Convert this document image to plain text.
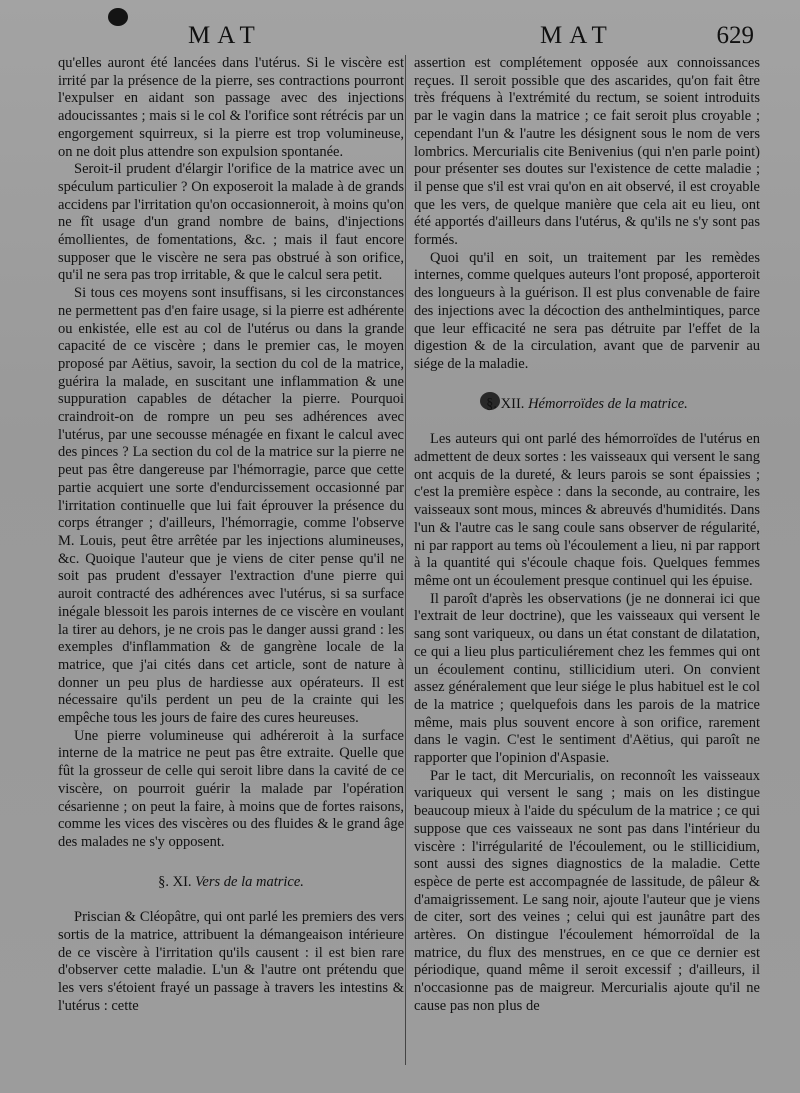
MAT	MAT	629

qu'elles auront été lancées dans l'utérus. Si le viscère est irrité par la présence de la pierre, ses contractions pourront l'expulser en aidant son passage avec des injections adoucissantes ; mais si le col & l'orifice sont rétrécis par un engorgement squirreux, si la pierre est trop volumineuse, on ne doit plus attendre son expulsion spontanée.

Seroit-il prudent d'élargir l'orifice de la matrice avec un spéculum particulier ? On exposeroit la malade à de grands accidens par l'irritation qu'on occasionneroit, à moins qu'on ne fît usage d'un grand nombre de bains, d'injections émollientes, de fomentations, &c. ; mais il faut encore supposer que le viscère ne sera pas obstrué à son orifice, qu'il ne sera pas trop irritable, & que le calcul sera petit.

Si tous ces moyens sont insuffisans, si les circonstances ne permettent pas d'en faire usage, si la pierre est adhérente ou enkistée, elle est au col de l'utérus ou dans la grande capacité de ce viscère ; dans le premier cas, le moyen proposé par Aëtius, savoir, la section du col de la matrice, guérira la malade, en suscitant une inflammation & une suppuration capables de détacher la pierre. Pourquoi craindroit-on de rompre un peu ses adhérences avec l'utérus, par une secousse ménagée en fixant le calcul avec des pinces ? La section du col de la matrice sur la pierre ne peut pas être dangereuse par l'hémorragie, parce que cette partie acquiert une sorte d'endurcissement occasionné par l'irritation continuelle que lui fait éprouver la présence du corps étranger ; d'ailleurs, l'hémorragie, comme l'observe M. Louis, peut être arrêtée par les injections alumineuses, &c. Quoique l'auteur que je viens de citer pense qu'il ne soit pas prudent d'essayer l'extraction d'une pierre qui auroit contracté des adhérences avec l'utérus, si sa surface inégale blessoit les parois internes de ce viscère en voulant la tirer au dehors, je ne crois pas le danger aussi grand : les exemples d'inflammation & de gangrène locale de la matrice, que j'ai cités dans cet article, sont de nature à donner un peu plus de hardiesse aux opérateurs. Il est nécessaire qu'ils perdent un peu de la crainte qui les empêche tous les jours de faire des cures heureuses.

Une pierre volumineuse qui adhéreroit à la surface interne de la matrice ne peut pas être extraite. Quelle que fût la grosseur de celle qui seroit libre dans la cavité de ce viscère, on pourroit guérir la malade par l'opération césarienne ; on peut la faire, à moins que de fortes raisons, comme les vices des viscères ou des fluides & le grand âge des malades ne s'y opposent.

§. XI. Vers de la matrice.

Priscian & Cléopâtre, qui ont parlé les premiers des vers sortis de la matrice, attribuent la démangeaison intérieure de ce viscère à l'irritation qu'ils causent : il est bien rare d'observer cette maladie. L'un & l'autre ont prétendu que les vers s'étoient frayé un passage à travers les intestins & l'utérus : cette

assertion est complétement opposée aux connoissances reçues. Il seroit possible que des ascarides, qu'on fait être très fréquens à l'extrémité du rectum, se soient introduits par le vagin dans la matrice ; ce fait seroit plus croyable ; cependant l'un & l'autre les désignent sous le nom de vers lombrics. Mercurialis cite Benivenius (qui n'en parle point) pour présenter ses doutes sur l'existence de cette maladie ; il pense que s'il est vrai qu'on en ait observé, il est croyable que les vers, de quelque manière que cela ait eu lieu, ont été apportés d'ailleurs dans l'utérus, & qu'ils ne s'y sont pas formés.

Quoi qu'il en soit, un traitement par les remèdes internes, comme quelques auteurs l'ont proposé, apporteroit des longueurs à la guérison. Il est plus convenable de faire des injections avec la décoction des anthelmintiques, parce que leur efficacité ne sera pas détruite par l'effet de la digestion & de la circulation, avant que de parvenir au siége de la maladie.

§. XII. Hémorroïdes de la matrice.

Les auteurs qui ont parlé des hémorroïdes de l'utérus en admettent de deux sortes : les vaisseaux qui versent le sang ont acquis de la dureté, & leurs parois se sont épaissies ; c'est la première espèce : dans la seconde, au contraire, les vaisseaux sont mous, minces & abreuvés d'humidités. Dans l'un & l'autre cas le sang coule sans observer de régularité, ni par rapport au tems où l'écoulement a lieu, ni par rapport à la quantité qui s'écoule chaque fois. Quelques femmes même ont un écoulement presque continuel qui les épuise.

Il paroît d'après les observations (je ne donnerai ici que l'extrait de leur doctrine), que les vaisseaux qui versent le sang sont variqueux, ou dans un état constant de dilatation, ce qui a lieu plus particuliérement chez les femmes qui ont un écoulement continu, stillicidium uteri. On convient assez généralement que leur siége le plus habituel est le col de la matrice ; quelquefois dans les parois de la matrice même, mais plus souvent encore à son orifice, rarement dans le vagin. C'est le sentiment d'Aëtius, qui paroît ne rapporter que l'opinion d'Aspasie.

Par le tact, dit Mercurialis, on reconnoît les vaisseaux variqueux qui versent le sang ; mais on les distingue beaucoup mieux à l'aide du spéculum de la matrice ; ce qui suppose que ces vaisseaux ne sont pas dans l'intérieur du viscère : l'irrégularité de l'écoulement, ou le stillicidium, sont aussi des signes diagnostics de la maladie. Cette espèce de perte est accompagnée de lassitude, de pâleur & d'amaigrissement. Le sang noir, ajoute l'auteur que je viens de citer, sort des veines ; celui qui est jaunâtre part des artères. On distingue l'écoulement hémorroïdal de la matrice, du flux des menstrues, en ce que ce dernier est périodique, quand même il seroit excessif ; d'ailleurs, il n'occasionne pas de maigreur. Mercurialis ajoute qu'il ne cause pas non plus de
